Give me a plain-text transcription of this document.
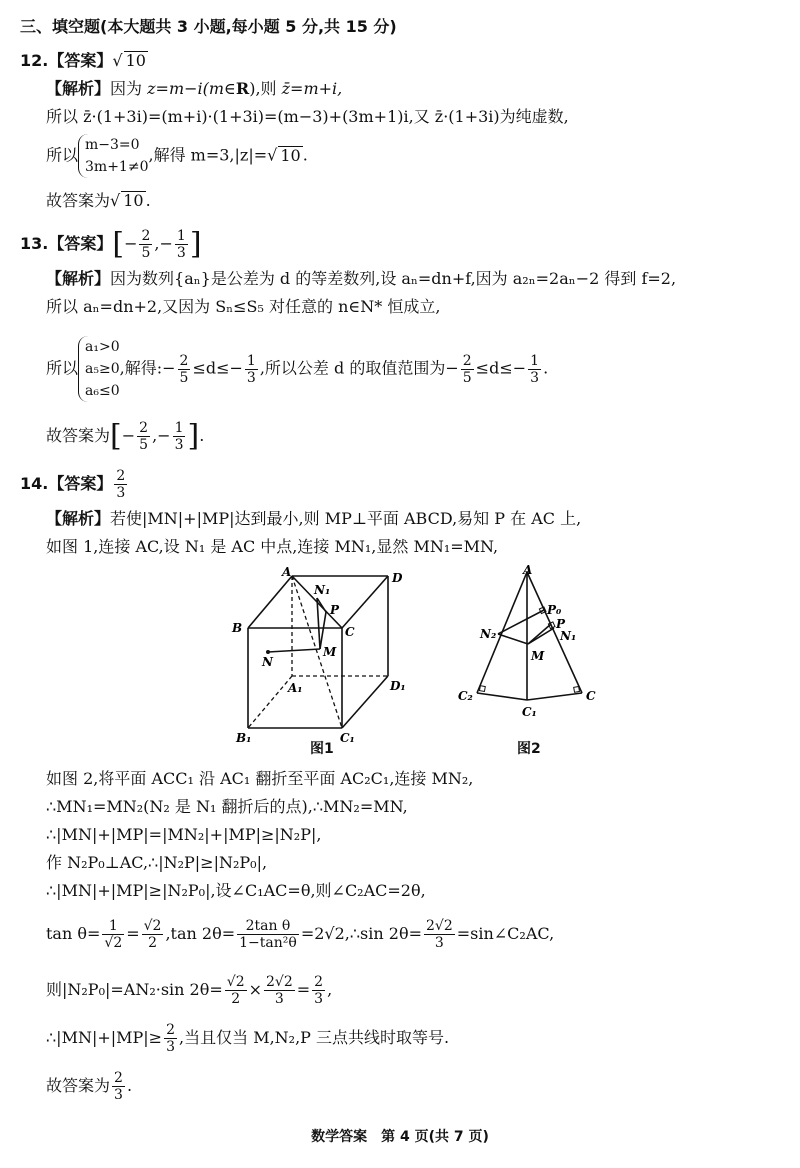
三、填空题(本大题共 3 小题,每小题 5 分,共 15 分)
12.【答案】√ 10
【解析】因为 z=m−i(m∈R),则 z̄=m+i,
所以 z̄·(1+3i)=(m+i)·(1+3i)=(m−3)+(3m+1)i,又 z̄·(1+3i)为纯虚数,
所以m−3=0
3m+1≠0,解得 m=3,|z|=√ 10 .
故答案为√ 10 .
13.【答案】[− $\frac{2}{5}$ ,− $\frac{1}{3}$ ]
【解析】因为数列{aₙ}是公差为 d 的等差数列,设 aₙ=dn+f,因为 a₂ₙ=2aₙ−2 得到 f=2,
所以 aₙ=dn+2,又因为 Sₙ≤S₅ 对任意的 n∈N* 恒成立,
所以a₁>0
a₅≥0
a₆≤0,解得:− $\frac{2}{5} \le d\le- \frac{1}{3}$ ,所以公差 d 的取值范围为− $\frac{2}{5} \le d\le- \frac{1}{3}$ .
故答案为[− $\frac{2}{5}$ ,− $\frac{1}{3}$ ].
14.【答案】 $\frac{2}{3}$
【解析】若使|MN|+|MP|达到最小,则 MP⊥平面 ABCD,易知 P 在 AC 上,
如图 1,连接 AC,设 N₁ 是 AC 中点,连接 MN₁,显然 MN₁=MN,
A	D
B	C
N₁
P
M
N
A₁	D₁
B₁	C₁
图1
A
P₀
P
N₂	N₁
M
C₂	C
C₁
图2
如图 2,将平面 ACC₁ 沿 AC₁ 翻折至平面 AC₂C₁,连接 MN₂,
∴MN₁=MN₂(N₂ 是 N₁ 翻折后的点),∴MN₂=MN,
∴|MN|+|MP|=|MN₂|+|MP|≥|N₂P|,
作 N₂P₀⊥AC,∴|N₂P|≥|N₂P₀|,
∴|MN|+|MP|≥|N₂P₀|,设∠C₁AC=θ,则∠C₂AC=2θ,
$\tan \theta= \frac{1}{√2} = \frac{√2}{2} ,\tan$ $2\theta= \frac{\text{2tan θ}}{\text{1−tan²θ}}$ =2√2,∴sin $2\theta= \frac{2√2}{3}$ =sin∠C₂AC,
则|N₂P₀|=AN₂·sin $2\theta= \frac{√2}{2} \times \frac{2√2}{3} = \frac{2}{3}$ ,
∴|MN|+|MP|≥ $\frac{2}{3}$ ,当且仅当 M,N₂,P 三点共线时取等号.
故答案为 $\frac{2}{3}$ .
数学答案　第 4 页(共 7 页)
